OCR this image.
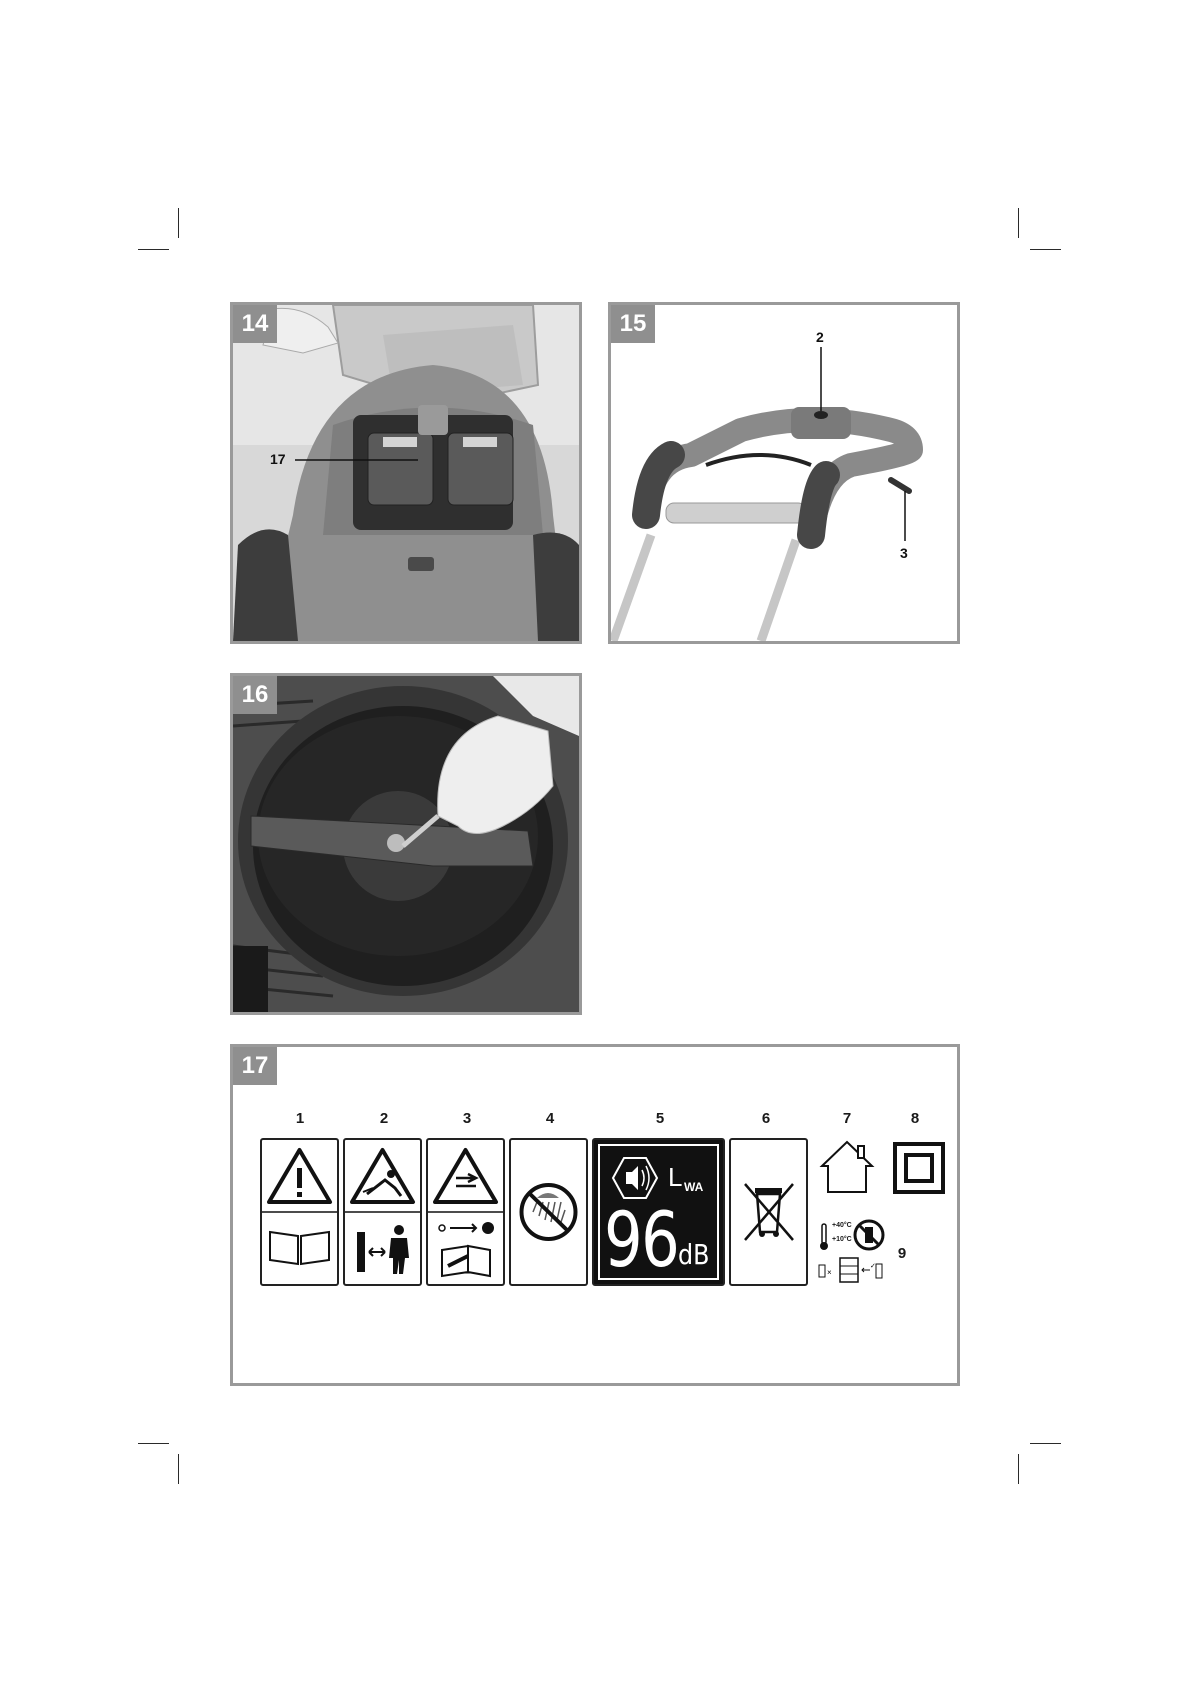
14
17
15	2
3
16
17
1	2	3	4	5	6	7	8
9
L WA
96 dB
+40°C
+10°C
×
✓
